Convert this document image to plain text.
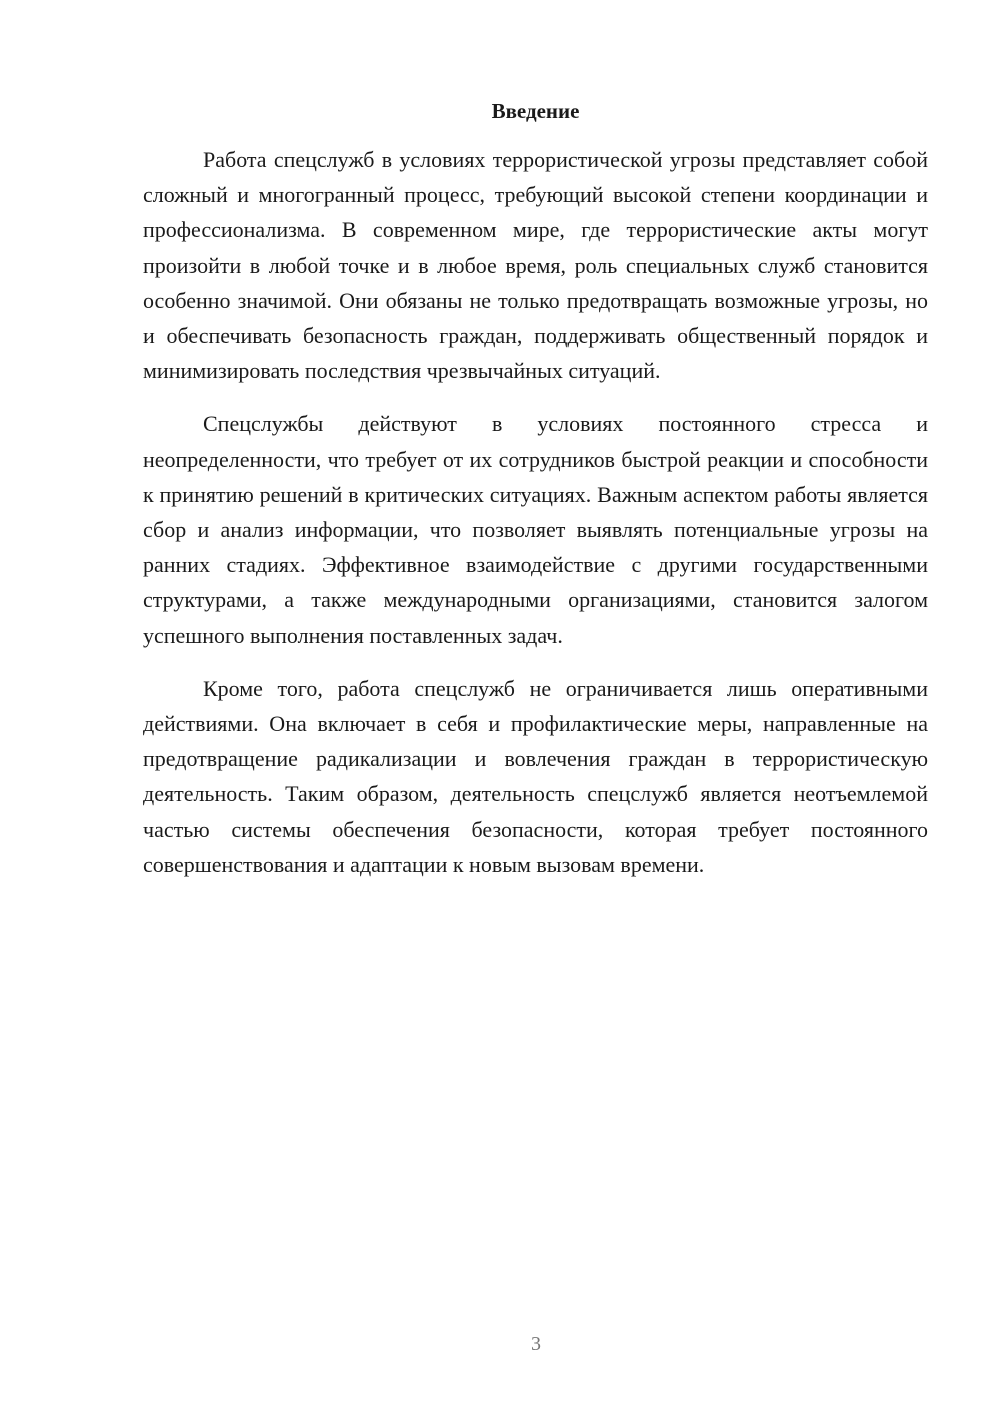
Введение

Работа спецслужб в условиях террористической угрозы представляет собой сложный и многогранный процесс, требующий высокой степени координации и профессионализма. В современном мире, где террористические акты могут произойти в любой точке и в любое время, роль специальных служб становится особенно значимой. Они обязаны не только предотвращать возможные угрозы, но и обеспечивать безопасность граждан, поддерживать общественный порядок и минимизировать последствия чрезвычайных ситуаций.

Спецслужбы действуют в условиях постоянного стресса и неопределенности, что требует от их сотрудников быстрой реакции и способности к принятию решений в критических ситуациях. Важным аспектом работы является сбор и анализ информации, что позволяет выявлять потенциальные угрозы на ранних стадиях. Эффективное взаимодействие с другими государственными структурами, а также международными организациями, становится залогом успешного выполнения поставленных задач.

Кроме того, работа спецслужб не ограничивается лишь оперативными действиями. Она включает в себя и профилактические меры, направленные на предотвращение радикализации и вовлечения граждан в террористическую деятельность. Таким образом, деятельность спецслужб является неотъемлемой частью системы обеспечения безопасности, которая требует постоянного совершенствования и адаптации к новым вызовам времени.

3
